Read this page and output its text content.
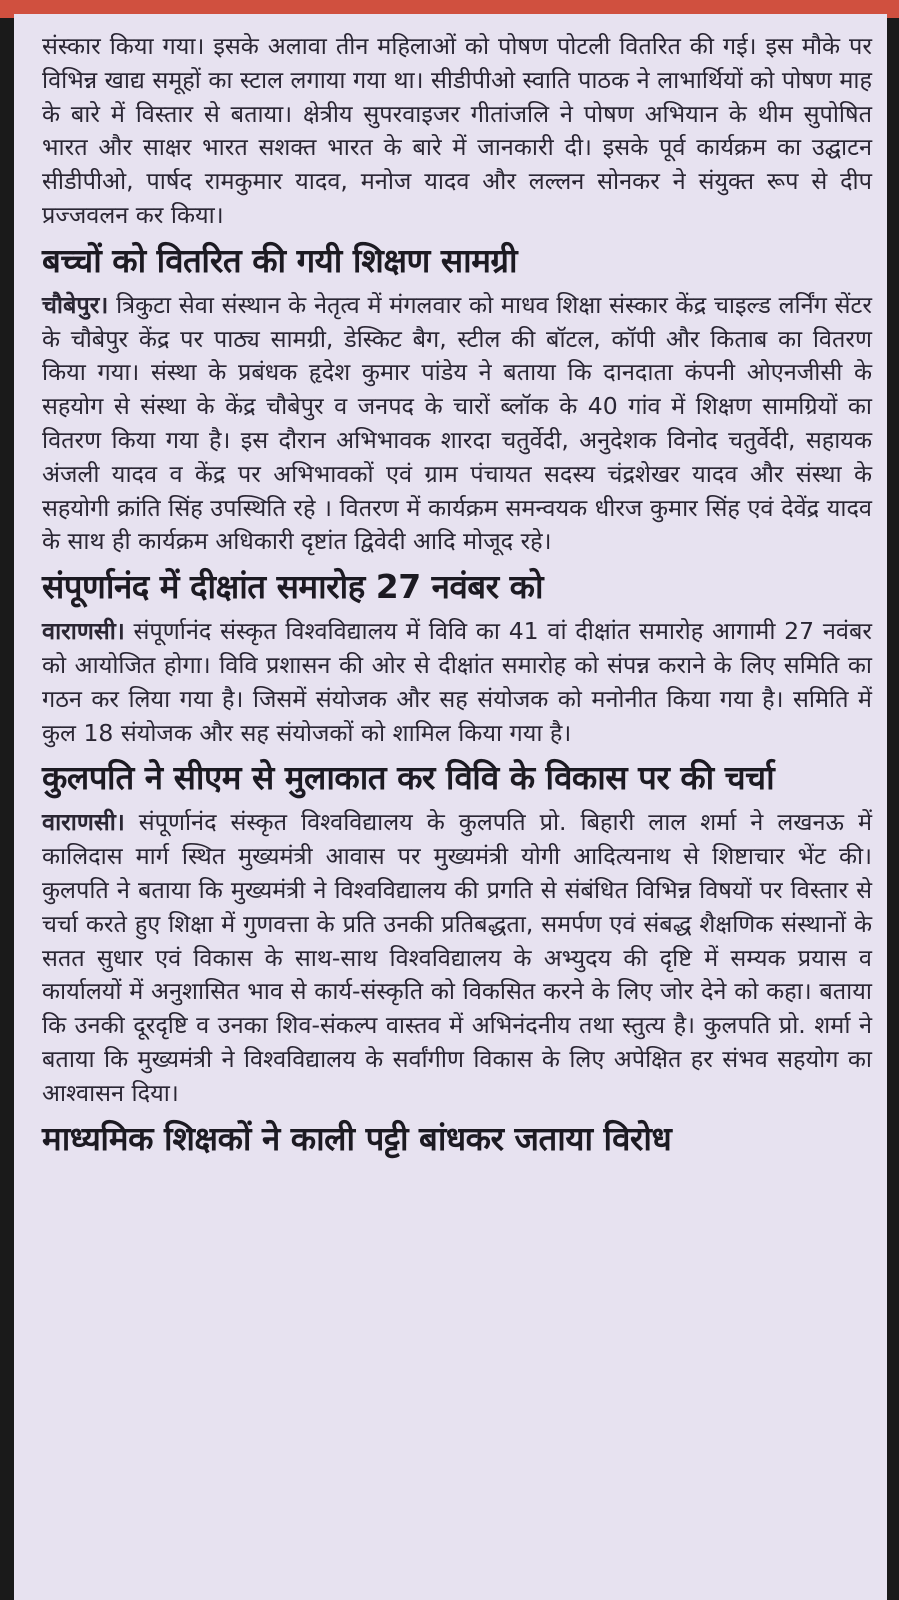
संस्कार किया गया। इसके अलावा तीन महिलाओं को पोषण पोटली वितरित की गई। इस मौके पर विभिन्न खाद्य समूहों का स्टाल लगाया गया था। सीडीपीओ स्वाति पाठक ने लाभार्थियों को पोषण माह के बारे में विस्तार से बताया। क्षेत्रीय सुपरवाइजर गीतांजलि ने पोषण अभियान के थीम सुपोषित भारत और साक्षर भारत सशक्त भारत के बारे में जानकारी दी। इसके पूर्व कार्यक्रम का उद्घाटन सीडीपीओ, पार्षद रामकुमार यादव, मनोज यादव और लल्लन सोनकर ने संयुक्त रूप से दीप प्रज्जवलन कर किया।

बच्चों को वितरित की गयी शिक्षण सामग्री

चौबेपुर। त्रिकुटा सेवा संस्थान के नेतृत्व में मंगलवार को माधव शिक्षा संस्कार केंद्र चाइल्ड लर्निंग सेंटर के चौबेपुर केंद्र पर पाठ्य सामग्री, डेस्किट बैग, स्टील की बॉटल, कॉपी और किताब का वितरण किया गया। संस्था के प्रबंधक हृदेश कुमार पांडेय ने बताया कि दानदाता कंपनी ओएनजीसी के सहयोग से संस्था के केंद्र चौबेपुर व जनपद के चारों ब्लॉक के 40 गांव में शिक्षण सामग्रियों का वितरण किया गया है। इस दौरान अभिभावक शारदा चतुर्वेदी, अनुदेशक विनोद चतुर्वेदी, सहायक अंजली यादव व केंद्र पर अभिभावकों एवं ग्राम पंचायत सदस्य चंद्रशेखर यादव और संस्था के सहयोगी क्रांति सिंह उपस्थिति रहे । वितरण में कार्यक्रम समन्वयक धीरज कुमार सिंह एवं देवेंद्र यादव के साथ ही कार्यक्रम अधिकारी दृष्टांत द्विवेदी आदि मोजूद रहे।

संपूर्णानंद में दीक्षांत समारोह 27 नवंबर को

वाराणसी। संपूर्णानंद संस्कृत विश्वविद्यालय में विवि का 41 वां दीक्षांत समारोह आगामी 27 नवंबर को आयोजित होगा। विवि प्रशासन की ओर से दीक्षांत समारोह को संपन्न कराने के लिए समिति का गठन कर लिया गया है। जिसमें संयोजक और सह संयोजक को मनोनीत किया गया है। समिति में कुल 18 संयोजक और सह संयोजकों को शामिल किया गया है।

कुलपति ने सीएम से मुलाकात कर विवि के विकास पर की चर्चा

वाराणसी। संपूर्णानंद संस्कृत विश्वविद्यालय के कुलपति प्रो. बिहारी लाल शर्मा ने लखनऊ में कालिदास मार्ग स्थित मुख्यमंत्री आवास पर मुख्यमंत्री योगी आदित्यनाथ से शिष्टाचार भेंट की। कुलपति ने बताया कि मुख्यमंत्री ने विश्वविद्यालय की प्रगति से संबंधित विभिन्न विषयों पर विस्तार से चर्चा करते हुए शिक्षा में गुणवत्ता के प्रति उनकी प्रतिबद्धता, समर्पण एवं संबद्ध शैक्षणिक संस्थानों के सतत सुधार एवं विकास के साथ-साथ विश्वविद्यालय के अभ्युदय की दृष्टि में सम्यक प्रयास व कार्यालयों में अनुशासित भाव से कार्य-संस्कृति को विकसित करने के लिए जोर देने को कहा। बताया कि उनकी दूरदृष्टि व उनका शिव-संकल्प वास्तव में अभिनंदनीय तथा स्तुत्य है। कुलपति प्रो. शर्मा ने बताया कि मुख्यमंत्री ने विश्वविद्यालय के सर्वांगीण विकास के लिए अपेक्षित हर संभव सहयोग का आश्वासन दिया।

माध्यमिक शिक्षकों ने काली पट्टी बांधकर जताया विरोध
